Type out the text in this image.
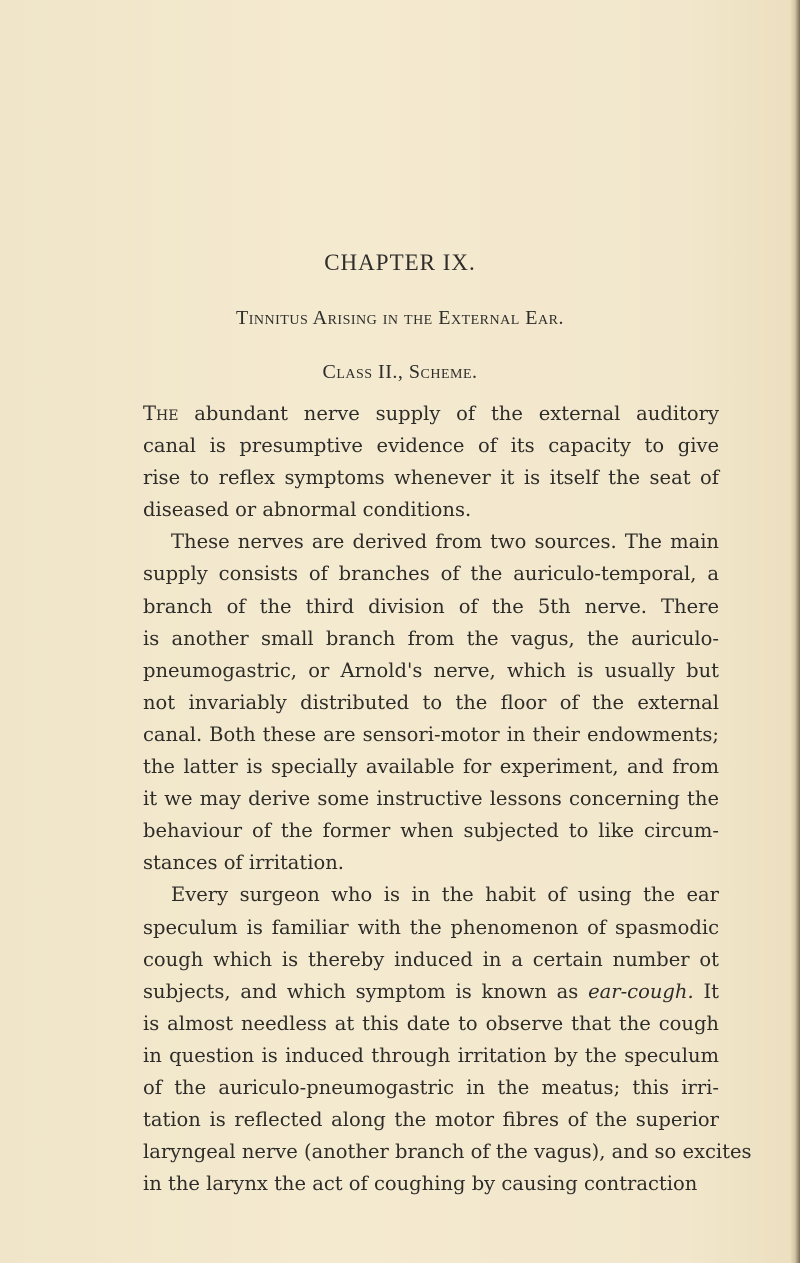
CHAPTER IX.
Tinnitus Arising in the External Ear.
Class II., Scheme.
The abundant nerve supply of the external auditory
canal is presumptive evidence of its capacity to give
rise to reflex symptoms whenever it is itself the seat of
diseased or abnormal conditions.
These nerves are derived from two sources. The main
supply consists of branches of the auriculo-temporal, a
branch of the third division of the 5th nerve. There
is another small branch from the vagus, the auriculo-
pneumogastric, or Arnold's nerve, which is usually but
not invariably distributed to the floor of the external
canal. Both these are sensori-motor in their endowments;
the latter is specially available for experiment, and from
it we may derive some instructive lessons concerning the
behaviour of the former when subjected to like circum-
stances of irritation.
Every surgeon who is in the habit of using the ear
speculum is familiar with the phenomenon of spasmodic
cough which is thereby induced in a certain number ot
subjects, and which symptom is known as ear-cough. It
is almost needless at this date to observe that the cough
in question is induced through irritation by the speculum
of the auriculo-pneumogastric in the meatus; this irri-
tation is reflected along the motor fibres of the superior
laryngeal nerve (another branch of the vagus), and so excites
in the larynx the act of coughing by causing contraction
